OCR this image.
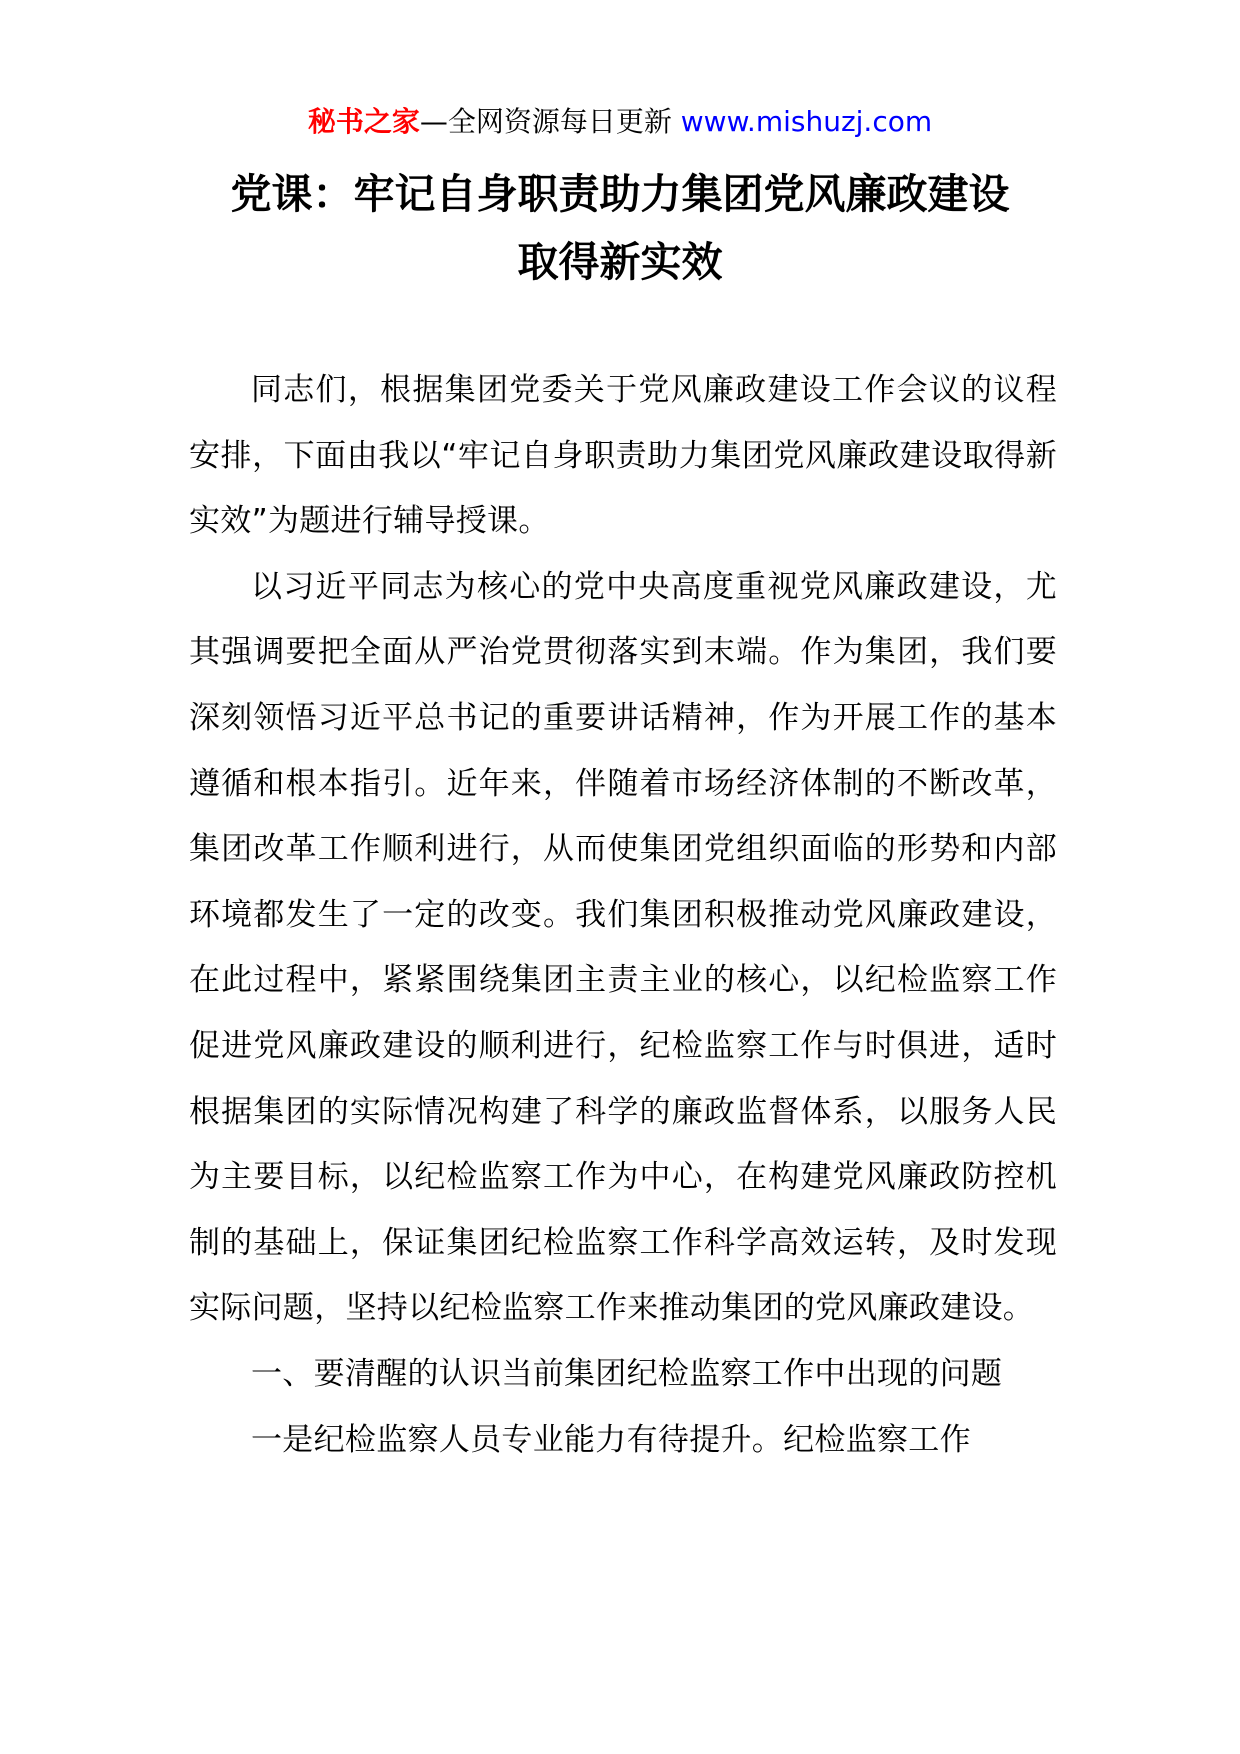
秘书之家—全网资源每日更新 www.mishuzj.com
党课：牢记自身职责助力集团党风廉政建设
取得新实效

同志们，根据集团党委关于党风廉政建设工作会议的议程安排，下面由我以“牢记自身职责助力集团党风廉政建设取得新实效”为题进行辅导授课。

以习近平同志为核心的党中央高度重视党风廉政建设，尤其强调要把全面从严治党贯彻落实到末端。作为集团，我们要深刻领悟习近平总书记的重要讲话精神，作为开展工作的基本遵循和根本指引。近年来，伴随着市场经济体制的不断改革，集团改革工作顺利进行，从而使集团党组织面临的形势和内部环境都发生了一定的改变。我们集团积极推动党风廉政建设，在此过程中，紧紧围绕集团主责主业的核心，以纪检监察工作促进党风廉政建设的顺利进行，纪检监察工作与时俱进，适时根据集团的实际情况构建了科学的廉政监督体系，以服务人民为主要目标，以纪检监察工作为中心，在构建党风廉政防控机制的基础上，保证集团纪检监察工作科学高效运转，及时发现实际问题，坚持以纪检监察工作来推动集团的党风廉政建设。

一、要清醒的认识当前集团纪检监察工作中出现的问题

一是纪检监察人员专业能力有待提升。纪检监察工作
